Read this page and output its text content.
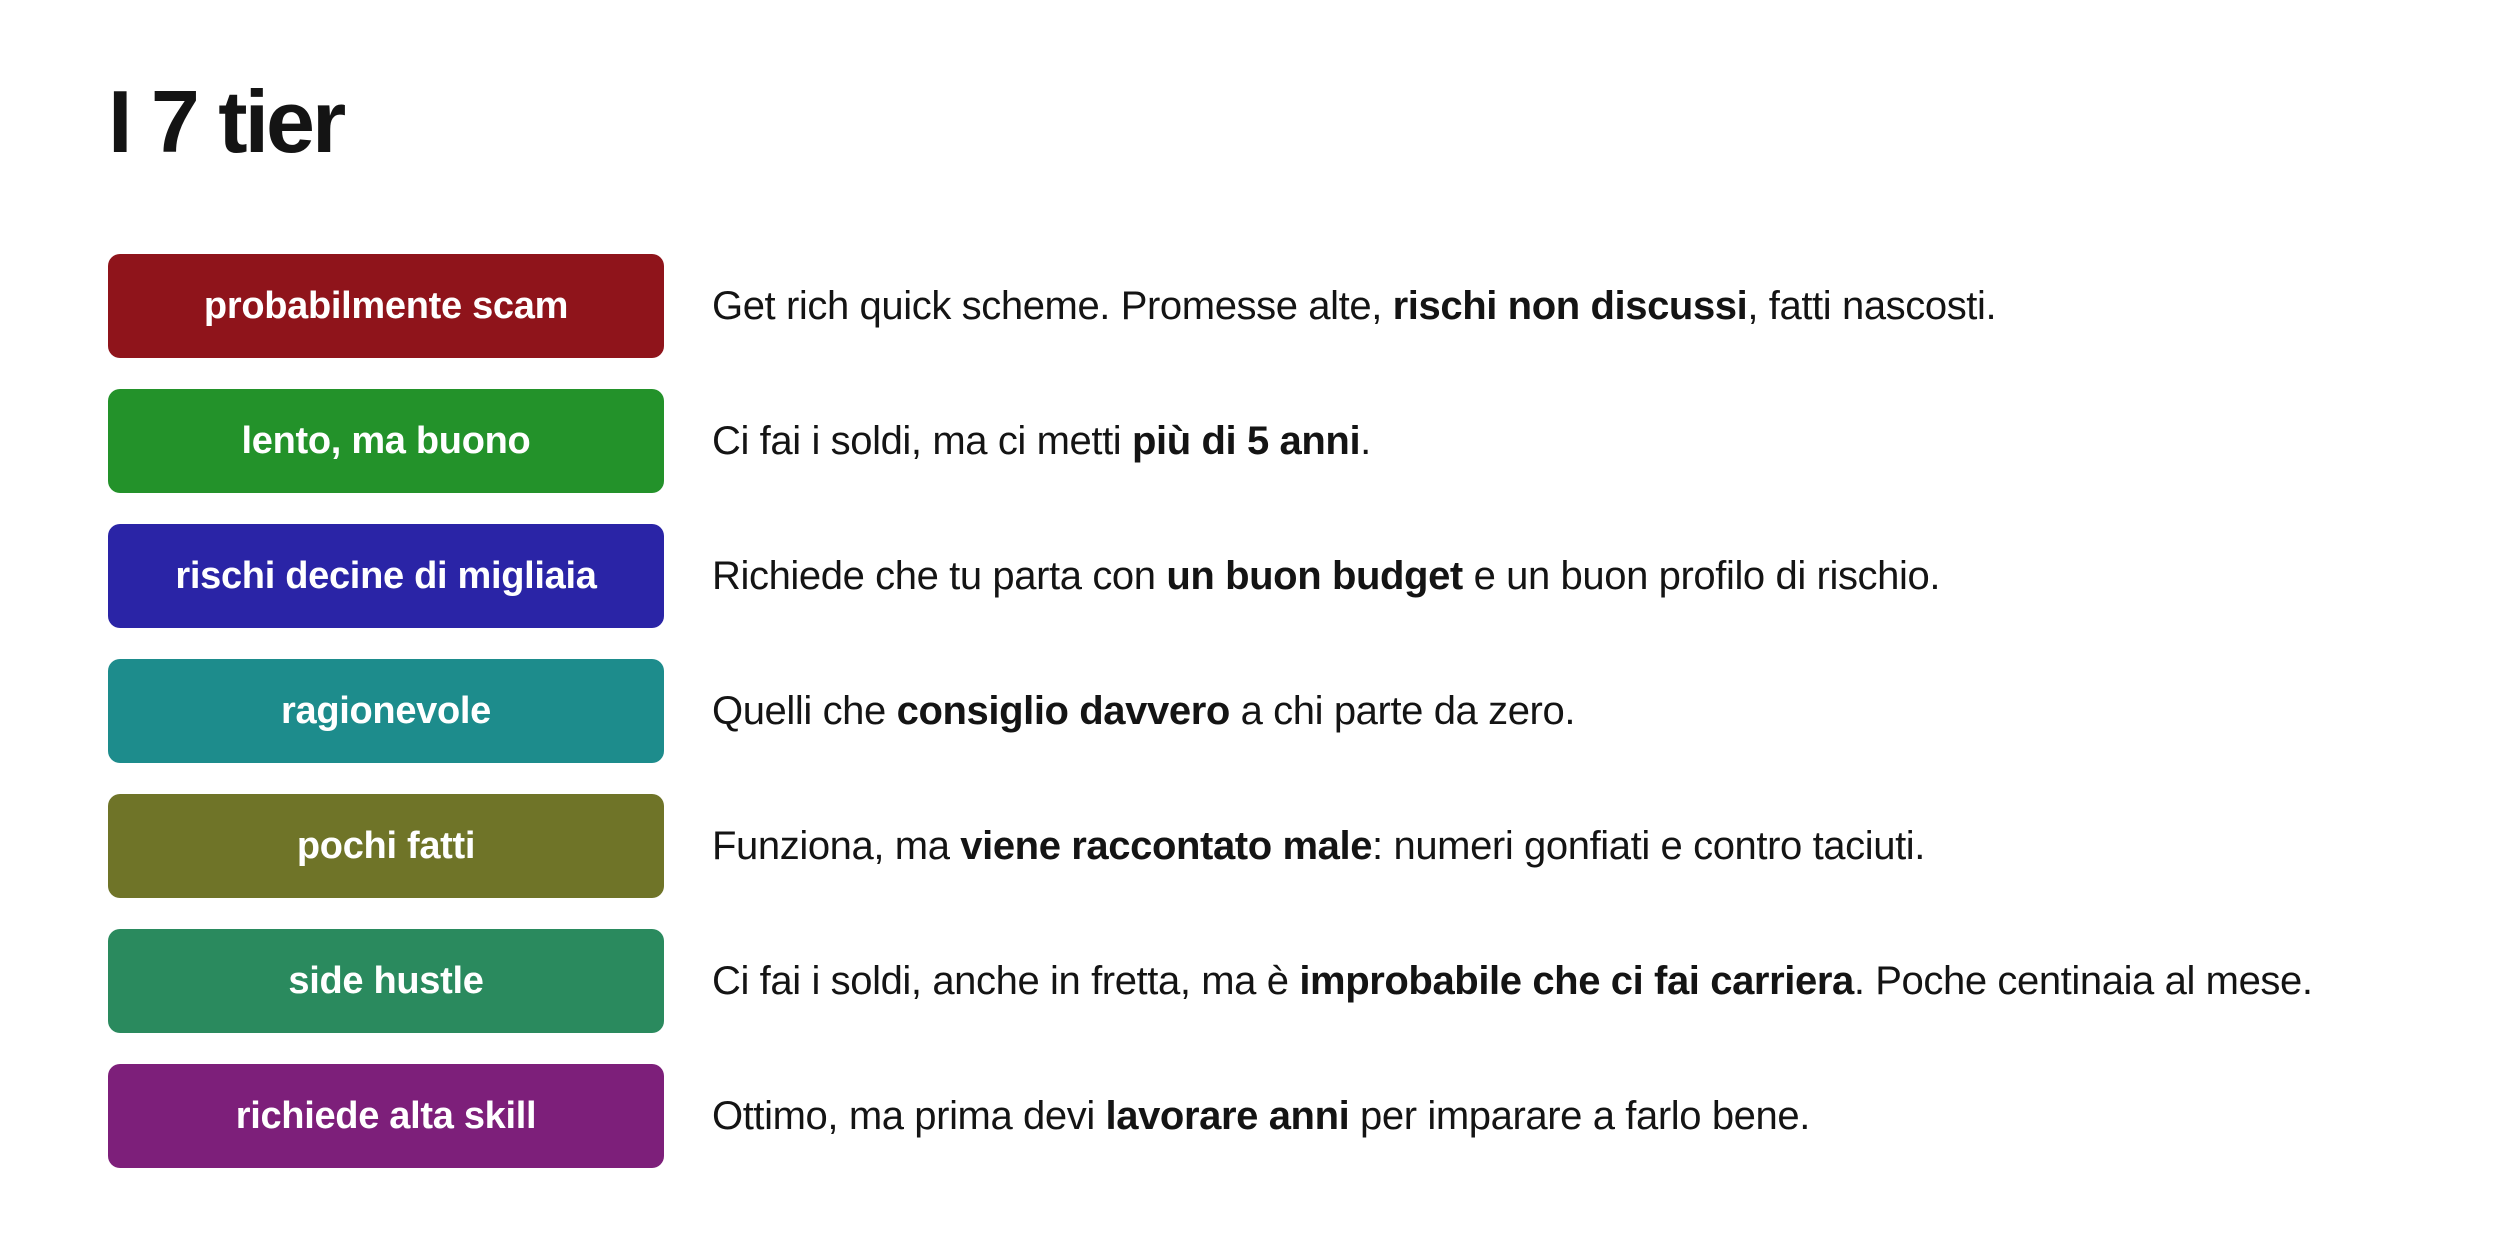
I 7 tier
probabilmente scam	Get rich quick scheme. Promesse alte, rischi non discussi, fatti nascosti.
lento, ma buono	Ci fai i soldi, ma ci metti più di 5 anni.
rischi decine di migliaia	Richiede che tu parta con un buon budget e un buon profilo di rischio.
ragionevole	Quelli che consiglio davvero a chi parte da zero.
pochi fatti	Funziona, ma viene raccontato male: numeri gonfiati e contro taciuti.
side hustle	Ci fai i soldi, anche in fretta, ma è improbabile che ci fai carriera. Poche centinaia al mese.
richiede alta skill	Ottimo, ma prima devi lavorare anni per imparare a farlo bene.
